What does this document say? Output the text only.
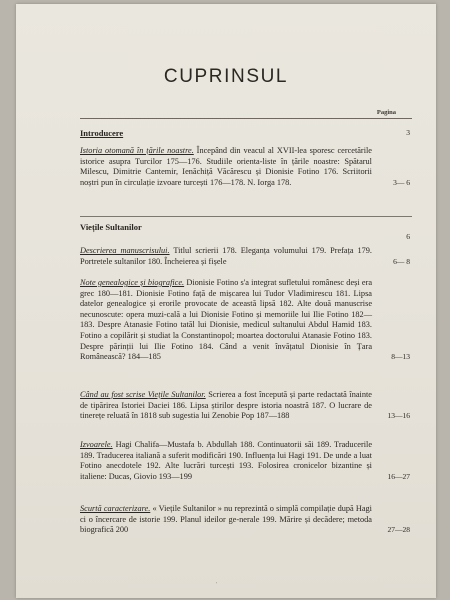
CUPRINSUL
Pagina
Introducere	3
Istoria otomană în țările noastre. Începând din veacul al XVII-lea sporesc cercetările istorice asupra Turcilor 175—176. Studiile orienta-liste în țările noastre: Spătarul Milescu, Dimitrie Cantemir, Ienăchiță Văcărescu și Dionisie Fotino 176. Scriitorii noștri pun în circulație izvoare turcești 176—178. N. Iorga 178.	3— 6
Viețile Sultanilor
6
Descrierea manuscrisului. Titlul scrierii 178. Eleganța volumului 179. Prefața 179. Portretele sultanilor 180. Încheierea și fișele	6— 8
Note genealogice și biografice. Dionisie Fotino s'a integrat sufletului românesc deși era grec 180—181. Dionisie Fotino față de mișcarea lui Tudor Vladimirescu 181. Lipsa datelor genealogice și erorile provocate de această lipsă 182. Alte două manuscrise necunoscute: opera muzi-cală a lui Dionisie Fotino și memoriile lui Ilie Fotino 182—183. Despre Atanasie Fotino tatăl lui Dionisie, medicul sultanului Abdul Hamid 183. Fotino a copilărit și studiat la Constantinopol; moartea doctorului Atanasie Fotino 183. Despre părinții lui Ilie Fotino 184. Când a venit învățatul Dionisie în Țara Românească? 184—185	8—13
Când au fost scrise Viețile Sultanilor. Scrierea a fost începută și parte redactată înainte de tipărirea Istoriei Daciei 186. Lipsa știrilor despre istoria noastră 187. O lucrare de tinerețe reluată în 1818 sub sugestia lui Zenobie Pop 187—188	13—16
Izvoarele. Hagi Chalifa—Mustafa b. Abdullah 188. Continuatorii săi 189. Traducerile 189. Traducerea italiană a suferit modificări 190. Influența lui Hagi 191. De unde a luat Fotino anecdotele 192. Alte lucrări turcești 193. Folosirea cronicelor bizantine și italiene: Ducas, Giovio 193—199	16—27
Scurtă caracterizare. « Viețile Sultanilor » nu reprezintă o simplă compilație după Hagi ci o încercare de istorie 199. Planul ideilor ge-nerale 199. Mărire și decădere; metoda biografică 200	27—28
'
